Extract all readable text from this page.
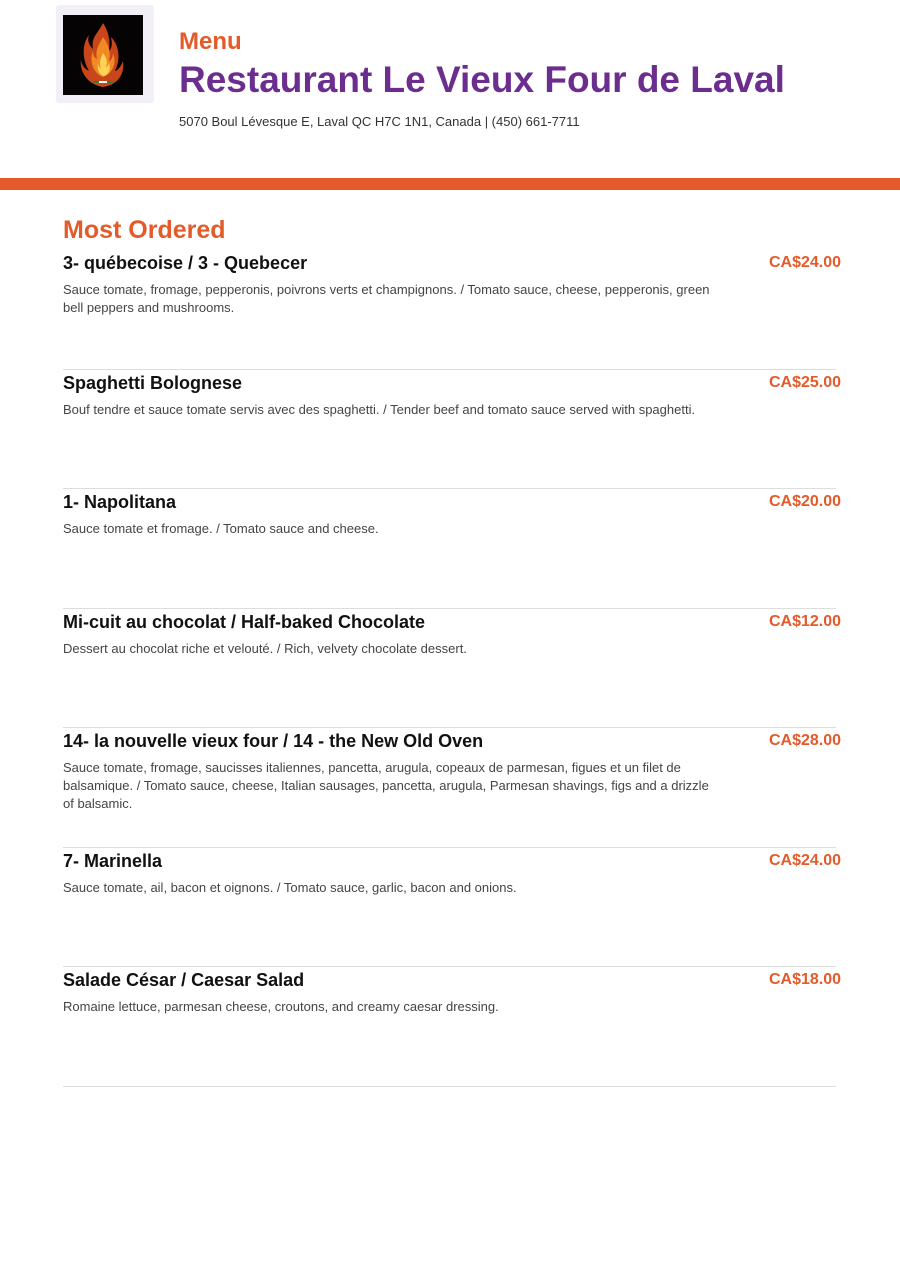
Menu
Restaurant Le Vieux Four de Laval
5070 Boul Lévesque E, Laval QC H7C 1N1, Canada | (450) 661-7711
Most Ordered
3- québecoise / 3 - Quebecer	CA$24.00
Sauce tomate, fromage, pepperonis, poivrons verts et champignons. / Tomato sauce, cheese, pepperonis, green bell peppers and mushrooms.
Spaghetti Bolognese	CA$25.00
Bouf tendre et sauce tomate servis avec des spaghetti. / Tender beef and tomato sauce served with spaghetti.
1- Napolitana	CA$20.00
Sauce tomate et fromage. / Tomato sauce and cheese.
Mi-cuit au chocolat / Half-baked Chocolate	CA$12.00
Dessert au chocolat riche et velouté. / Rich, velvety chocolate dessert.
14- la nouvelle vieux four / 14 - the New Old Oven	CA$28.00
Sauce tomate, fromage, saucisses italiennes, pancetta, arugula, copeaux de parmesan, figues et un filet de balsamique. / Tomato sauce, cheese, Italian sausages, pancetta, arugula, Parmesan shavings, figs and a drizzle of balsamic.
7- Marinella	CA$24.00
Sauce tomate, ail, bacon et oignons. / Tomato sauce, garlic, bacon and onions.
Salade César / Caesar Salad	CA$18.00
Romaine lettuce, parmesan cheese, croutons, and creamy caesar dressing.
